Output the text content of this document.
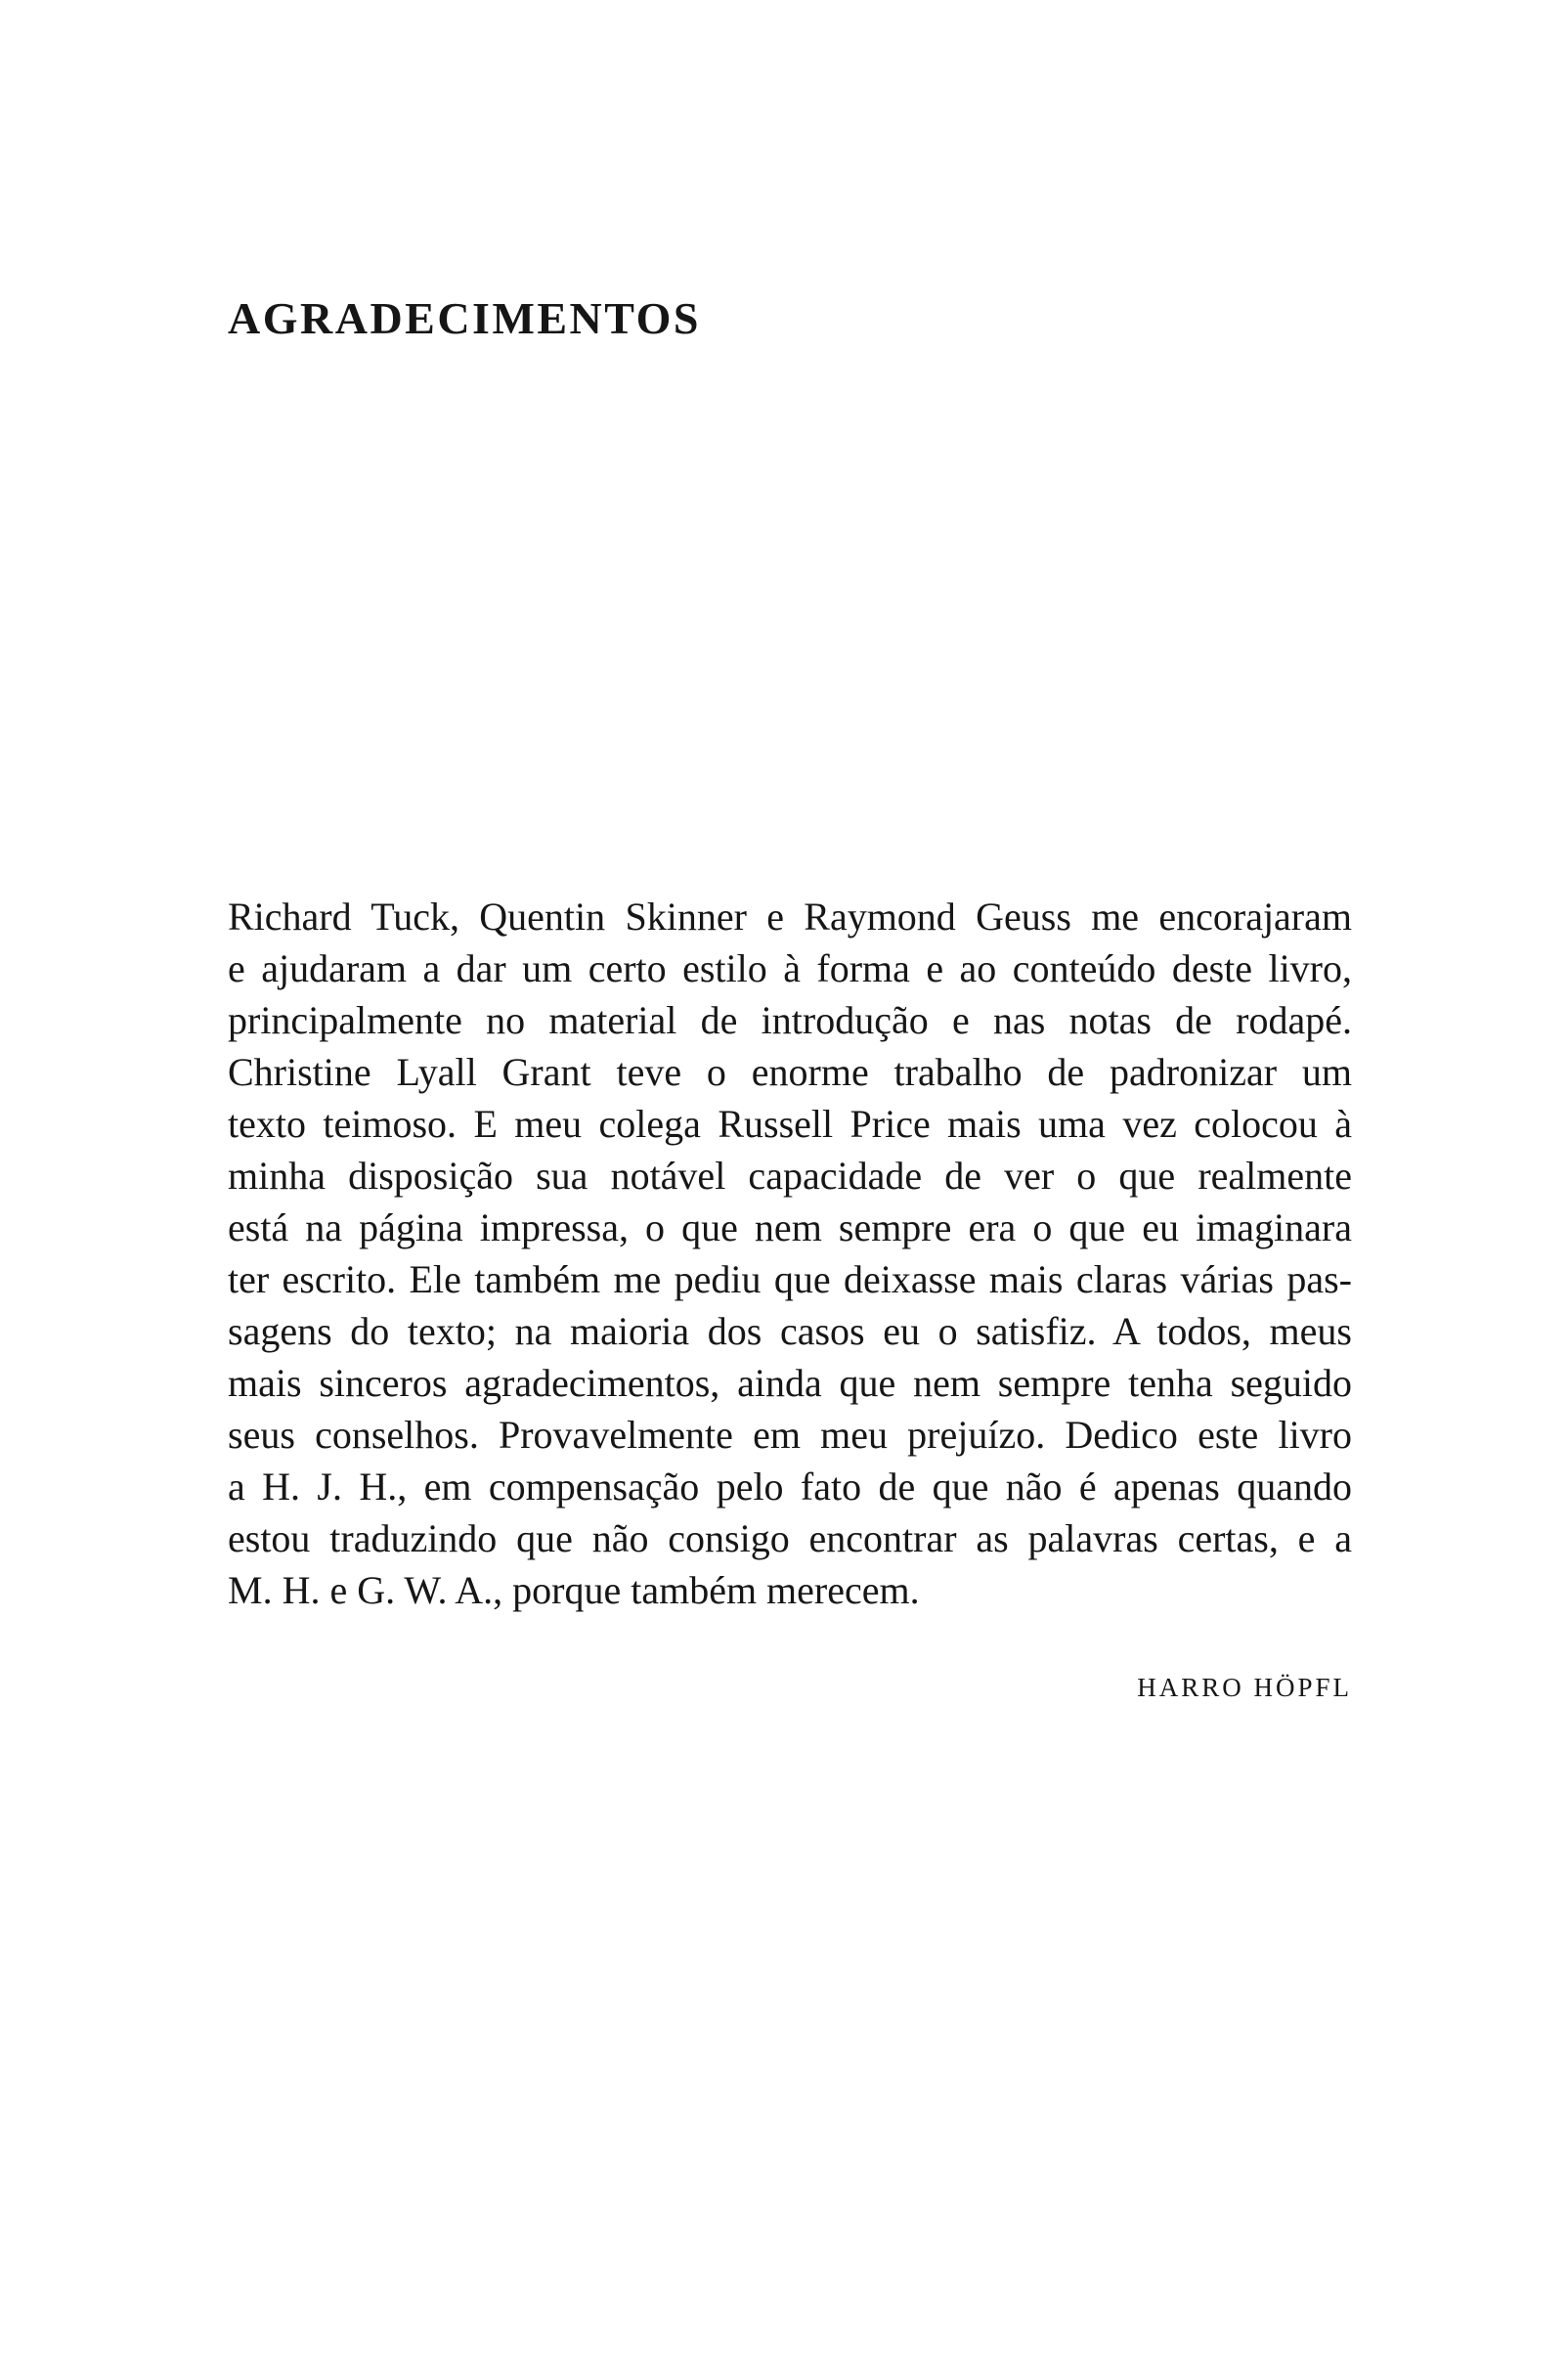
AGRADECIMENTOS
Richard Tuck, Quentin Skinner e Raymond Geuss me encorajaram
e ajudaram a dar um certo estilo à forma e ao conteúdo deste livro,
principalmente no material de introdução e nas notas de rodapé.
Christine Lyall Grant teve o enorme trabalho de padronizar um
texto teimoso. E meu colega Russell Price mais uma vez colocou à
minha disposição sua notável capacidade de ver o que realmente
está na página impressa, o que nem sempre era o que eu imaginara
ter escrito. Ele também me pediu que deixasse mais claras várias pas-
sagens do texto; na maioria dos casos eu o satisfiz. A todos, meus
mais sinceros agradecimentos, ainda que nem sempre tenha seguido
seus conselhos. Provavelmente em meu prejuízo. Dedico este livro
a H. J. H., em compensação pelo fato de que não é apenas quando
estou traduzindo que não consigo encontrar as palavras certas, e a
M. H. e G. W. A., porque também merecem.
HARRO HÖPFL
